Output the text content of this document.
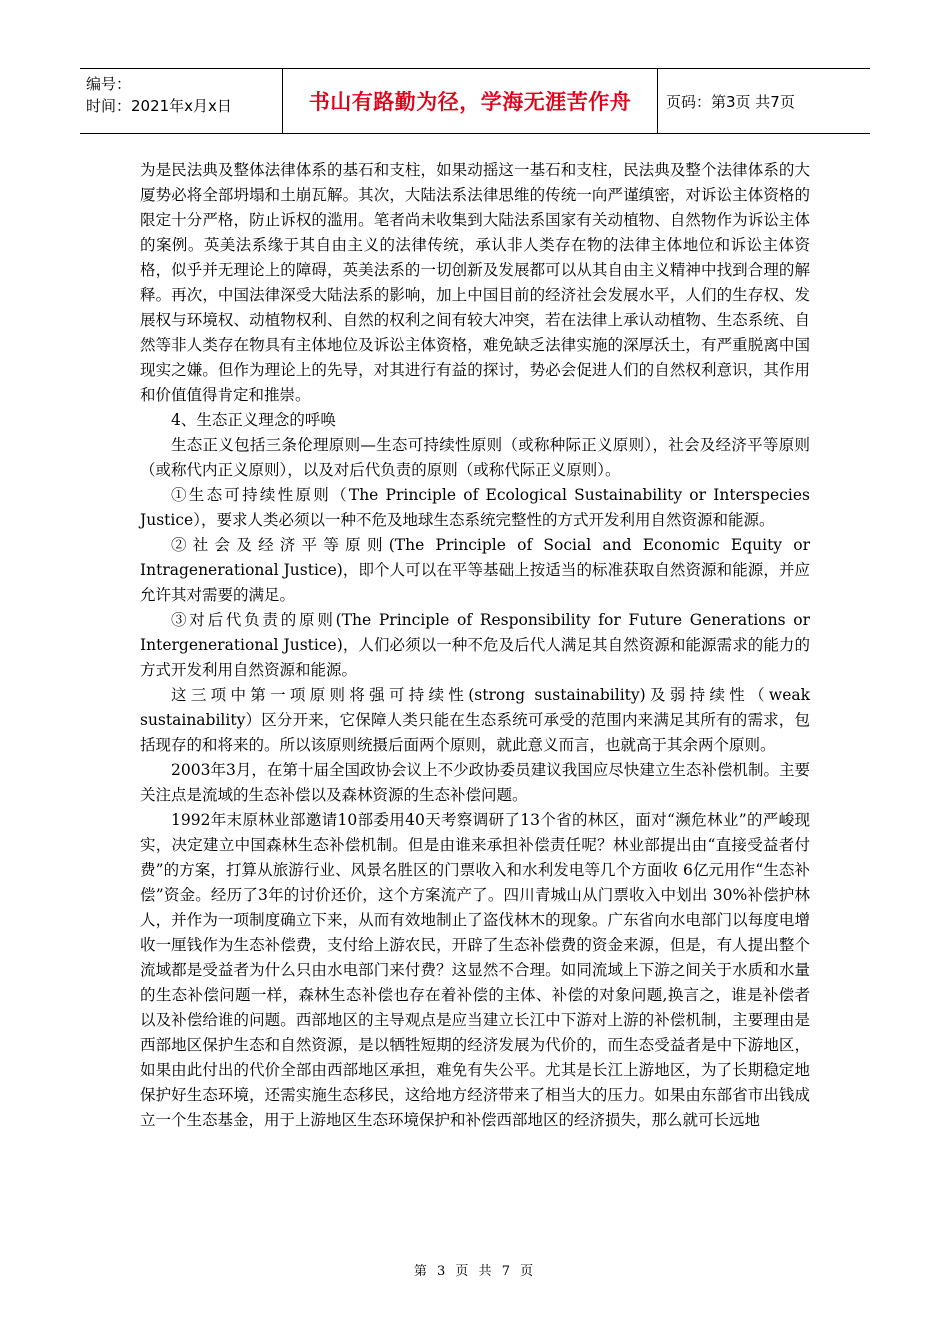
编号：
时间：2021年x月x日	书山有路勤为径，学海无涯苦作舟	页码：第3页 共7页

为是民法典及整体法律体系的基石和支柱，如果动摇这一基石和支柱，民法典及整个法律体系的大厦势必将全部坍塌和土崩瓦解。其次，大陆法系法律思维的传统一向严谨缜密，对诉讼主体资格的限定十分严格，防止诉权的滥用。笔者尚未收集到大陆法系国家有关动植物、自然物作为诉讼主体的案例。英美法系缘于其自由主义的法律传统，承认非人类存在物的法律主体地位和诉讼主体资格，似乎并无理论上的障碍，英美法系的一切创新及发展都可以从其自由主义精神中找到合理的解释。再次，中国法律深受大陆法系的影响，加上中国目前的经济社会发展水平，人们的生存权、发展权与环境权、动植物权利、自然的权利之间有较大冲突，若在法律上承认动植物、生态系统、自然等非人类存在物具有主体地位及诉讼主体资格，难免缺乏法律实施的深厚沃土，有严重脱离中国现实之嫌。但作为理论上的先导，对其进行有益的探讨，势必会促进人们的自然权利意识，其作用和价值值得肯定和推崇。

4、生态正义理念的呼唤

生态正义包括三条伦理原则—生态可持续性原则（或称种际正义原则），社会及经济平等原则（或称代内正义原则），以及对后代负责的原则（或称代际正义原则）。

①生态可持续性原则（The Principle of Ecological Sustainability or Interspecies Justice），要求人类必须以一种不危及地球生态系统完整性的方式开发利用自然资源和能源。

②社会及经济平等原则(The Principle of Social and Economic Equity or Intragenerational Justice)，即个人可以在平等基础上按适当的标准获取自然资源和能源，并应允许其对需要的满足。

③对后代负责的原则(The Principle of Responsibility for Future Generations or Intergenerational Justice)，人们必须以一种不危及后代人满足其自然资源和能源需求的能力的方式开发利用自然资源和能源。

这三项中第一项原则将强可持续性(strong sustainability)及弱持续性（weak sustainability）区分开来，它保障人类只能在生态系统可承受的范围内来满足其所有的需求，包括现存的和将来的。所以该原则统摄后面两个原则，就此意义而言，也就高于其余两个原则。

2003年3月，在第十届全国政协会议上不少政协委员建议我国应尽快建立生态补偿机制。主要关注点是流域的生态补偿以及森林资源的生态补偿问题。

1992年末原林业部邀请10部委用40天考察调研了13个省的林区，面对“濒危林业”的严峻现实，决定建立中国森林生态补偿机制。但是由谁来承担补偿责任呢？林业部提出由“直接受益者付费”的方案，打算从旅游行业、风景名胜区的门票收入和水利发电等几个方面收 6亿元用作“生态补偿”资金。经历了3年的讨价还价，这个方案流产了。四川青城山从门票收入中划出 30%补偿护林人，并作为一项制度确立下来，从而有效地制止了盗伐林木的现象。广东省向水电部门以每度电增收一厘钱作为生态补偿费，支付给上游农民，开辟了生态补偿费的资金来源，但是，有人提出整个流域都是受益者为什么只由水电部门来付费？这显然不合理。如同流域上下游之间关于水质和水量的生态补偿问题一样，森林生态补偿也存在着补偿的主体、补偿的对象问题,换言之，谁是补偿者以及补偿给谁的问题。西部地区的主导观点是应当建立长江中下游对上游的补偿机制，主要理由是西部地区保护生态和自然资源，是以牺牲短期的经济发展为代价的，而生态受益者是中下游地区，如果由此付出的代价全部由西部地区承担，难免有失公平。尤其是长江上游地区，为了长期稳定地保护好生态环境，还需实施生态移民，这给地方经济带来了相当大的压力。如果由东部省市出钱成立一个生态基金，用于上游地区生态环境保护和补偿西部地区的经济损失，那么就可长远地

第 3 页 共 7 页
